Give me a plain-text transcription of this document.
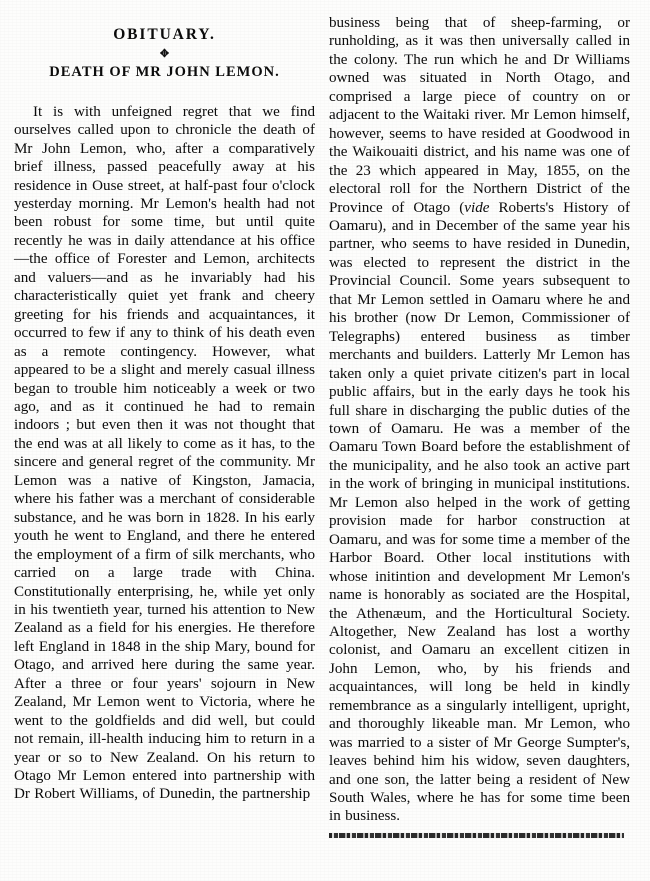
OBITUARY.
✥
DEATH OF MR JOHN LEMON.

It is with unfeigned regret that we find ourselves called upon to chronicle the death of Mr John Lemon, who, after a comparatively brief illness, passed peacefully away at his residence in Ouse street, at half-past four o'clock yesterday morning. Mr Lemon's health had not been robust for some time, but until quite recently he was in daily attendance at his office—the office of Forester and Lemon, architects and valuers—and as he invariably had his characteristically quiet yet frank and cheery greeting for his friends and acquaintances, it occurred to few if any to think of his death even as a remote contingency. However, what appeared to be a slight and merely casual illness began to trouble him noticeably a week or two ago, and as it continued he had to remain indoors ; but even then it was not thought that the end was at all likely to come as it has, to the sincere and general regret of the community. Mr Lemon was a native of Kingston, Jamacia, where his father was a merchant of considerable substance, and he was born in 1828. In his early youth he went to England, and there he entered the employment of a firm of silk merchants, who carried on a large trade with China. Constitutionally enterprising, he, while yet only in his twentieth year, turned his attention to New Zealand as a field for his energies. He therefore left England in 1848 in the ship Mary, bound for Otago, and arrived here during the same year. After a three or four years' sojourn in New Zealand, Mr Lemon went to Victoria, where he went to the goldfields and did well, but could not remain, ill-health inducing him to return in a year or so to New Zealand. On his return to Otago Mr Lemon entered into partnership with Dr Robert Williams, of Dunedin, the partnership

business being that of sheep-farming, or runholding, as it was then universally called in the colony. The run which he and Dr Williams owned was situated in North Otago, and comprised a large piece of country on or adjacent to the Waitaki river. Mr Lemon himself, however, seems to have resided at Goodwood in the Waikouaiti district, and his name was one of the 23 which appeared in May, 1855, on the electoral roll for the Northern District of the Province of Otago (vide Roberts's History of Oamaru), and in December of the same year his partner, who seems to have resided in Dunedin, was elected to represent the district in the Provincial Council. Some years subsequent to that Mr Lemon settled in Oamaru where he and his brother (now Dr Lemon, Commissioner of Telegraphs) entered business as timber merchants and builders. Latterly Mr Lemon has taken only a quiet private citizen's part in local public affairs, but in the early days he took his full share in discharging the public duties of the town of Oamaru. He was a member of the Oamaru Town Board before the establishment of the municipality, and he also took an active part in the work of bringing in municipal institutions. Mr Lemon also helped in the work of getting provision made for harbor construction at Oamaru, and was for some time a member of the Harbor Board. Other local institutions with whose initintion and development Mr Lemon's name is honorably as sociated are the Hospital, the Athenæum, and the Horticultural Society. Altogether, New Zealand has lost a worthy colonist, and Oamaru an excellent citizen in John Lemon, who, by his friends and acquaintances, will long be held in kindly remembrance as a singularly intelligent, upright, and thoroughly likeable man. Mr Lemon, who was married to a sister of Mr George Sumpter's, leaves behind him his widow, seven daughters, and one son, the latter being a resident of New South Wales, where he has for some time been in business.
